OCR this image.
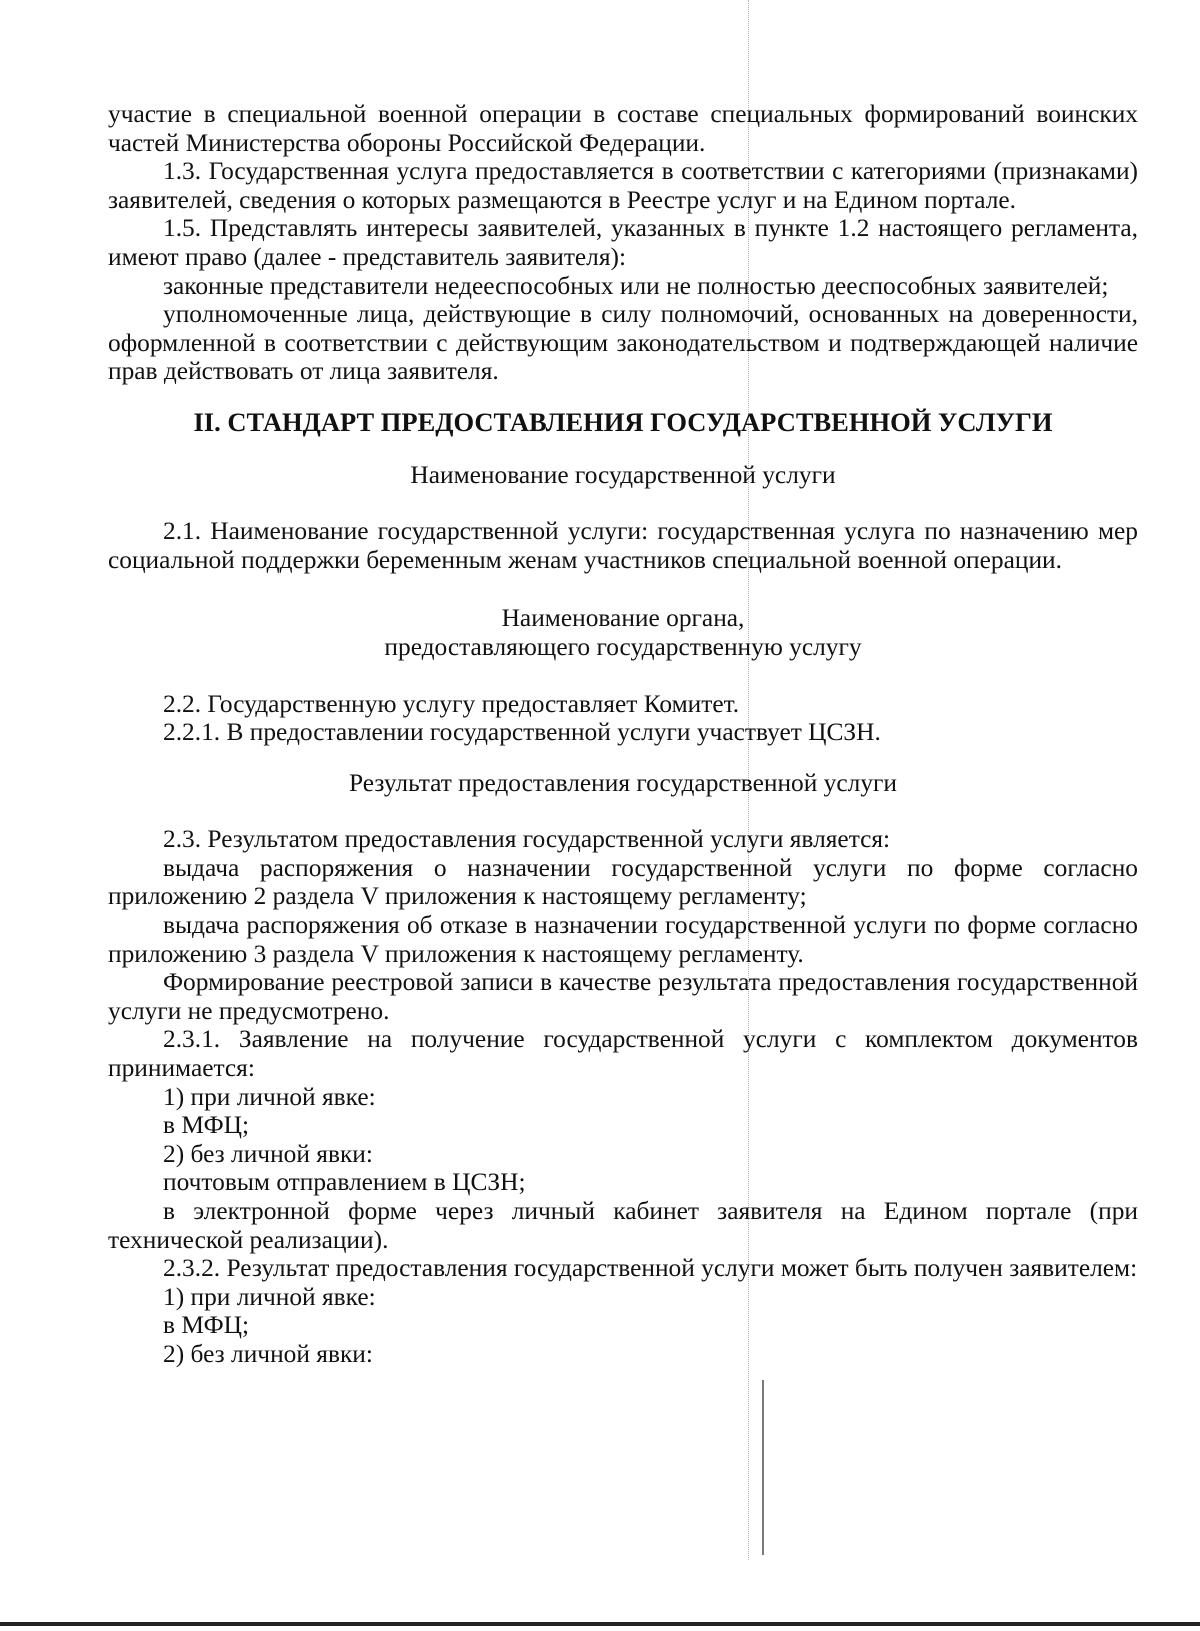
участие в специальной военной операции в составе специальных формирований воинских частей Министерства обороны Российской Федерации.

1.3. Государственная услуга предоставляется в соответствии с категориями (признаками) заявителей, сведения о которых размещаются в Реестре услуг и на Едином портале.

1.5. Представлять интересы заявителей, указанных в пункте 1.2 настоящего регламента, имеют право (далее - представитель заявителя):

законные представители недееспособных или не полностью дееспособных заявителей;

уполномоченные лица, действующие в силу полномочий, основанных на доверенности, оформленной в соответствии с действующим законодательством и подтверждающей наличие прав действовать от лица заявителя.

II. СТАНДАРТ ПРЕДОСТАВЛЕНИЯ ГОСУДАРСТВЕННОЙ УСЛУГИ

Наименование государственной услуги

2.1. Наименование государственной услуги: государственная услуга по назначению мер социальной поддержки беременным женам участников специальной военной операции.

Наименование органа,

предоставляющего государственную услугу

2.2. Государственную услугу предоставляет Комитет.

2.2.1. В предоставлении государственной услуги участвует ЦСЗН.

Результат предоставления государственной услуги

2.3. Результатом предоставления государственной услуги является:

выдача распоряжения о назначении государственной услуги по форме согласно приложению 2 раздела V приложения к настоящему регламенту;

выдача распоряжения об отказе в назначении государственной услуги по форме согласно приложению 3 раздела V приложения к настоящему регламенту.

Формирование реестровой записи в качестве результата предоставления государственной услуги не предусмотрено.

2.3.1. Заявление на получение государственной услуги с комплектом документов принимается:

1) при личной явке:

в МФЦ;

2) без личной явки:

почтовым отправлением в ЦСЗН;

в электронной форме через личный кабинет заявителя на Едином портале (при технической реализации).

2.3.2. Результат предоставления государственной услуги может быть получен заявителем:

1) при личной явке:

в МФЦ;

2) без личной явки:
